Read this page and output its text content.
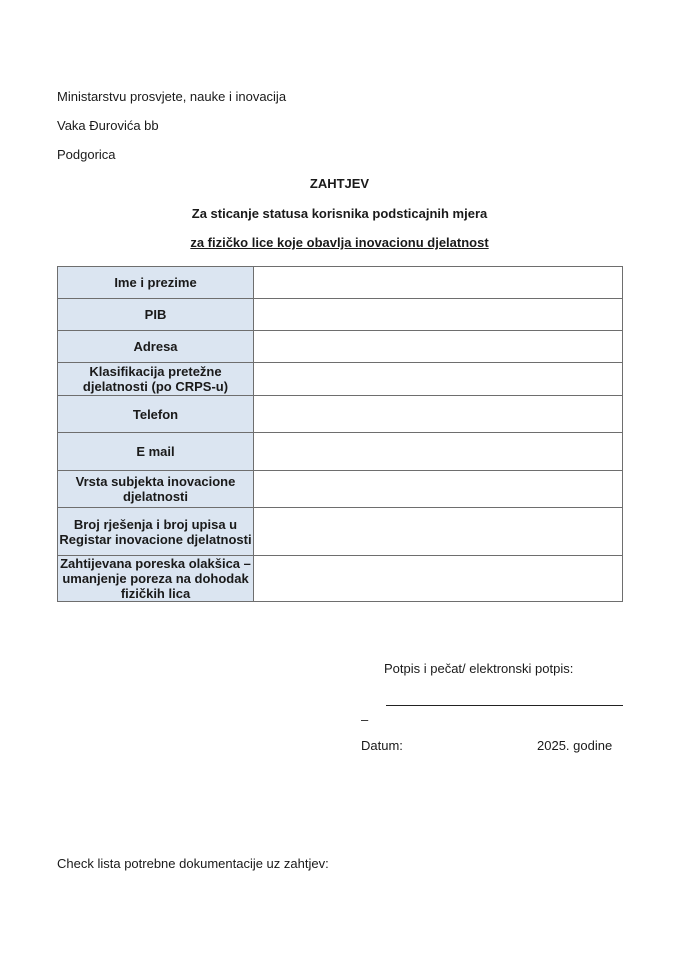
Ministarstvu prosvjete, nauke i inovacija
Vaka Đurovića bb
Podgorica
ZAHTJEV
Za sticanje statusa korisnika podsticajnih mjera
za fizičko lice koje obavlja inovacionu djelatnost
Ime i prezime	
PIB	
Adresa	
Klasifikacija pretežne djelatnosti (po CRPS-u)	
Telefon	
E mail	
Vrsta subjekta inovacione djelatnosti	
Broj rješenja i broj upisa u Registar inovacione djelatnosti	
Zahtijevana poreska olakšica – umanjenje poreza na dohodak fizičkih lica	
Potpis i pečat/ elektronski potpis:
–
Datum:	2025. godine
Check lista potrebne dokumentacije uz zahtjev:
